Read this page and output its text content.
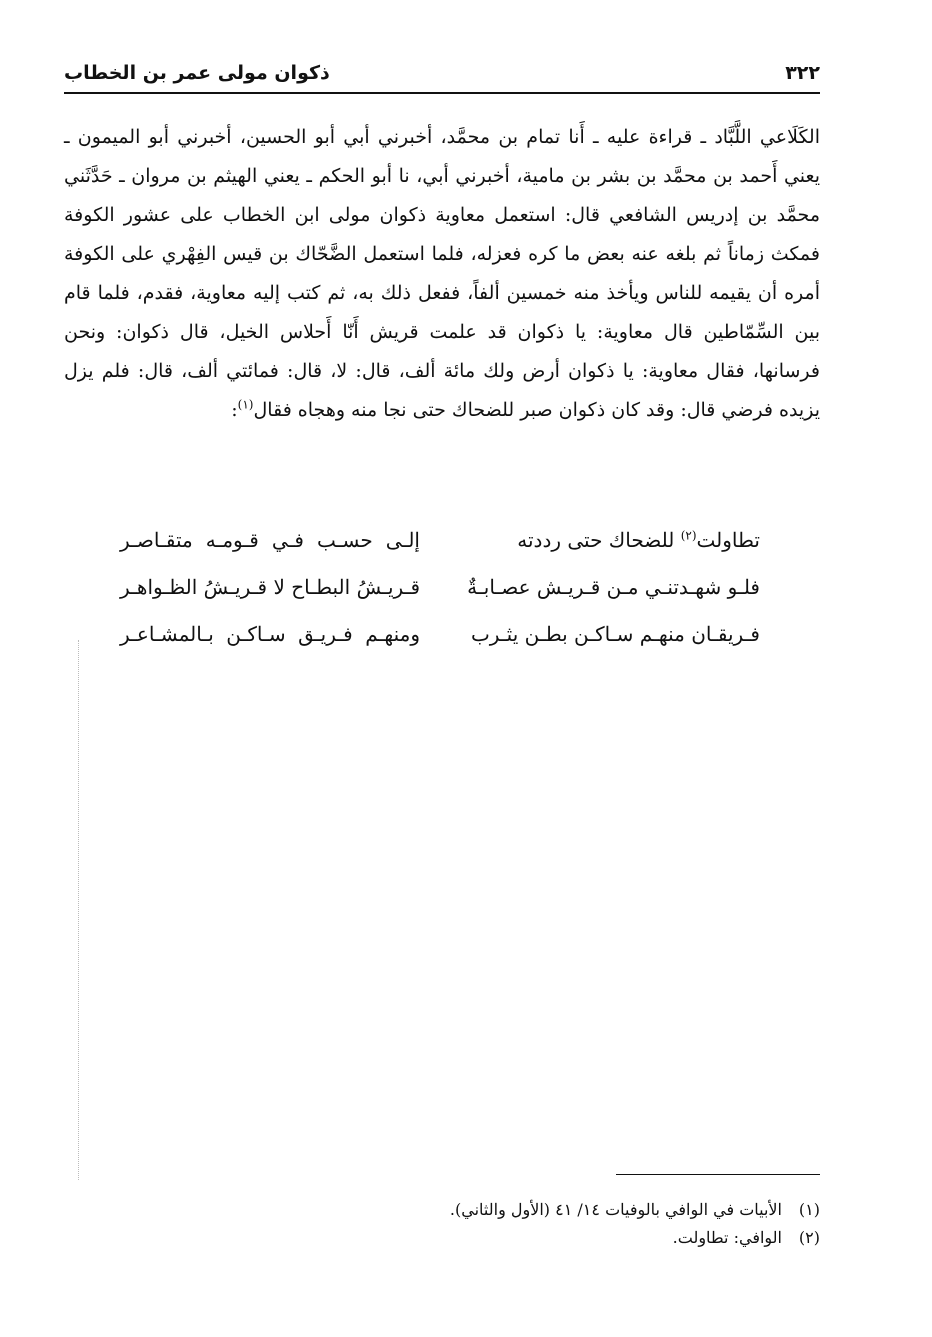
٣٢٢
ذكوان مولى عمر بن الخطاب

الكَلَاعي اللَّبَّاد ـ قراءة عليه ـ أَنا تمام بن محمَّد، أخبرني أبي أبو الحسين، أخبرني أبو الميمون ـ يعني أَحمد بن محمَّد بن بشر بن مامية، أخبرني أبي، نا أبو الحكم ـ يعني الهيثم بن مروان ـ حَدَّثَني محمَّد بن إدريس الشافعي قال: استعمل معاوية ذكوان مولى ابن الخطاب على عشور الكوفة فمكث زماناً ثم بلغه عنه بعض ما كره فعزله، فلما استعمل الضَّحّاك بن قيس الفِهْري على الكوفة أمره أن يقيمه للناس ويأخذ منه خمسين ألفاً، ففعل ذلك به، ثم كتب إليه معاوية، فقدم، فلما قام بين السِّمّاطين قال معاوية: يا ذكوان قد علمت قريش أَنّا أَحلاس الخيل، قال ذكوان: ونحن فرسانها، فقال معاوية: يا ذكوان أرض ولك مائة ألف، قال: لا، قال: فمائتي ألف، قال: فلم يزل يزيده فرضي قال: وقد كان ذكوان صبر للضحاك حتى نجا منه وهجاه فقال$^{(١)}$:

تطاولت$^{(٢)}$ للضحاك حتى رددته
إلـى حسـب فـي قـومـه متقـاصـر
فلـو شهـدتنـي مـن قـريـش عصـابـةٌ
قـريـشُ البطـاح لا قـريـشُ الظـواهـر
فـريقـان منهـم سـاكـن بطـن يثـرب
ومنهـم فـريـق سـاكـن بـالمشـاعـر
(١)
الأبيات في الوافي بالوفيات ١٤/ ٤١ (الأول والثاني).
(٢)
الوافي: تطاولت.
